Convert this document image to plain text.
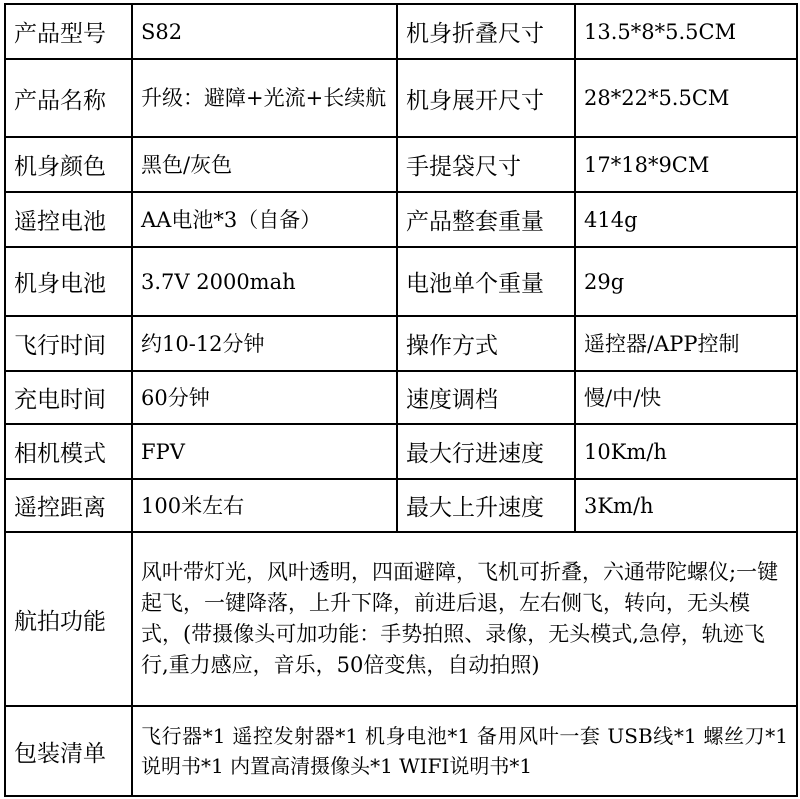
产品型号	S82	机身折叠尺寸	13.5*8*5.5CM
产品名称	升级：避障+光流+长续航	机身展开尺寸	28*22*5.5CM
机身颜色	黑色/灰色	手提袋尺寸	17*18*9CM
遥控电池	AA电池*3（自备）	产品整套重量	414g
机身电池	3.7V 2000mah	电池单个重量	29g
飞行时间	约10-12分钟	操作方式	遥控器/APP控制
充电时间	60分钟	速度调档	慢/中/快
相机模式	FPV	最大行进速度	10Km/h
遥控距离	100米左右	最大上升速度	3Km/h
航拍功能	风叶带灯光，风叶透明，四面避障，飞机可折叠，六通带陀螺仪;一键起飞，一键降落，上升下降，前进后退，左右侧飞，转向，无头模式，(带摄像头可加功能：手势拍照、录像，无头模式,急停，轨迹飞行,重力感应，音乐，50倍变焦，自动拍照)		
包装清单	飞行器*1 遥控发射器*1 机身电池*1 备用风叶一套 USB线*1 螺丝刀*1 说明书*1 内置高清摄像头*1 WIFI说明书*1		
